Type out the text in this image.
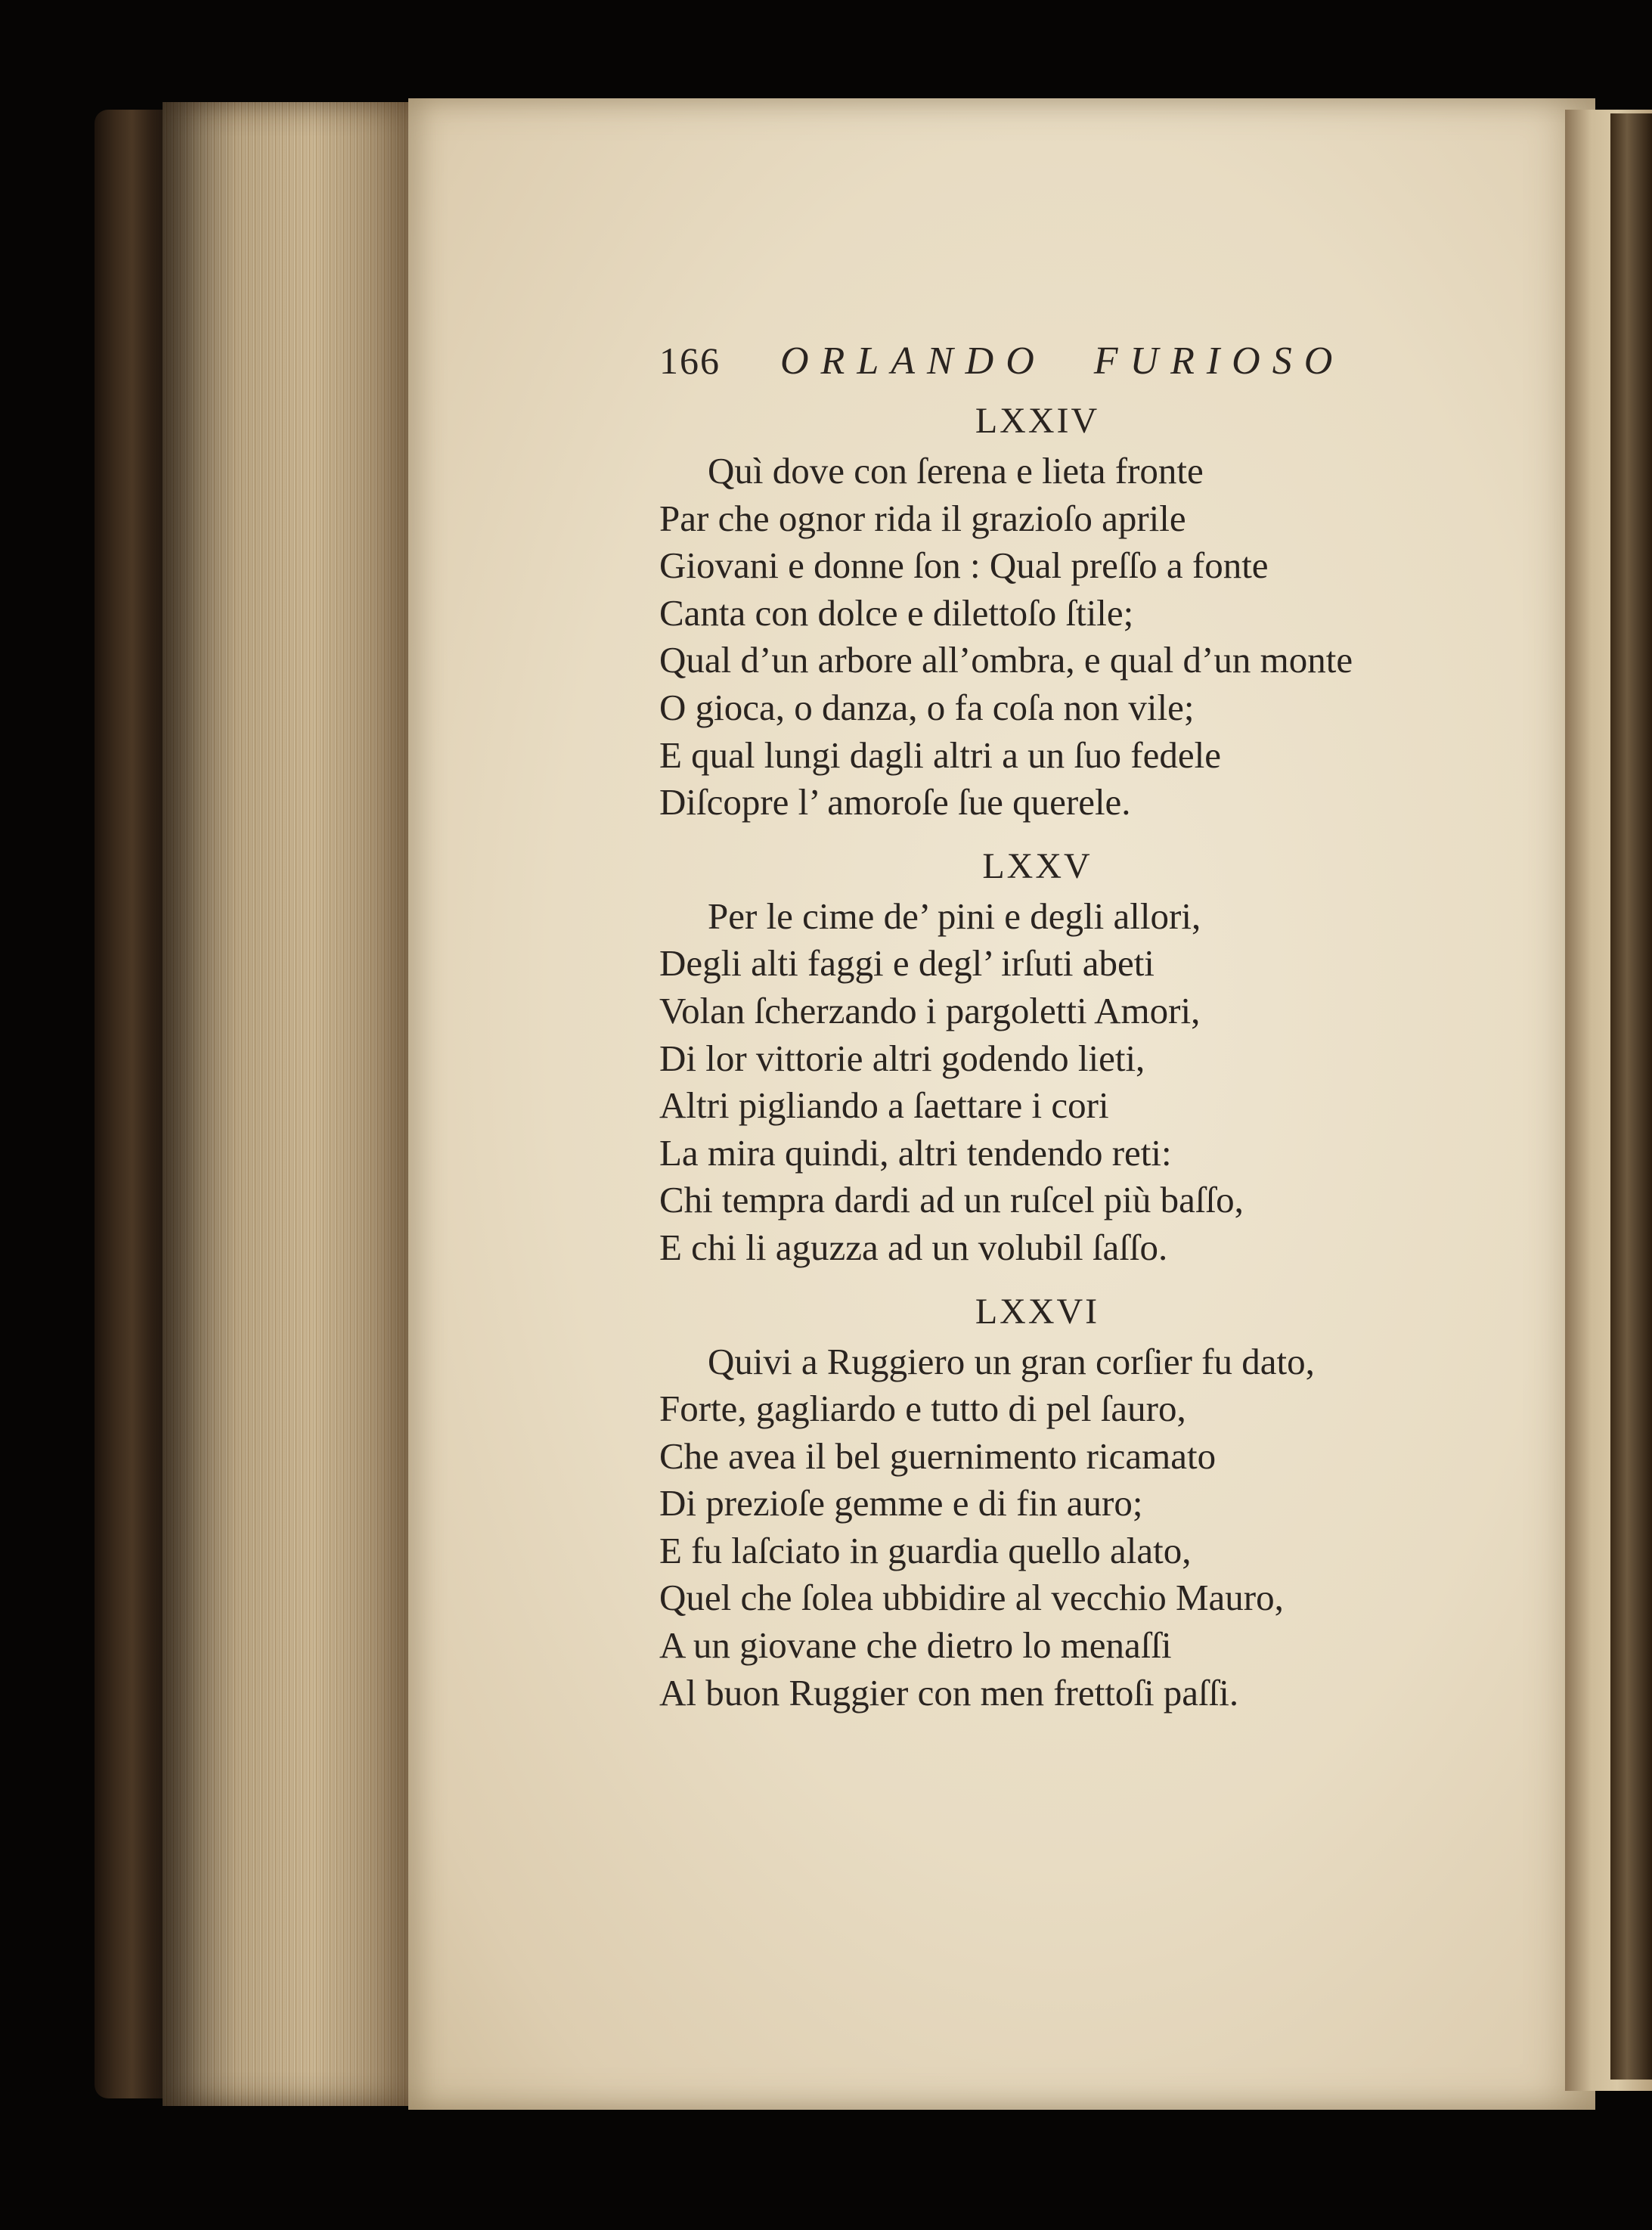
166 ORLANDO FURIOSO
LXXIV
Quì dove con ſerena e lieta fronte
Par che ognor rida il grazioſo aprile
Giovani e donne ſon : Qual preſſo a fonte
Canta con dolce e dilettoſo ſtile;
Qual d’un arbore all’ombra, e qual d’un monte
O gioca, o danza, o fa coſa non vile;
E qual lungi dagli altri a un ſuo fedele
Diſcopre l’ amoroſe ſue querele.
LXXV
Per le cime de’ pini e degli allori,
Degli alti faggi e degl’ irſuti abeti
Volan ſcherzando i pargoletti Amori,
Di lor vittorie altri godendo lieti,
Altri pigliando a ſaettare i cori
La mira quindi, altri tendendo reti:
Chi tempra dardi ad un ruſcel più baſſo,
E chi li aguzza ad un volubil ſaſſo.
LXXVI
Quivi a Ruggiero un gran corſier fu dato,
Forte, gagliardo e tutto di pel ſauro,
Che avea il bel guernimento ricamato
Di prezioſe gemme e di fin auro;
E fu laſciato in guardia quello alato,
Quel che ſolea ubbidire al vecchio Mauro,
A un giovane che dietro lo menaſſi
Al buon Ruggier con men frettoſi paſſi.
